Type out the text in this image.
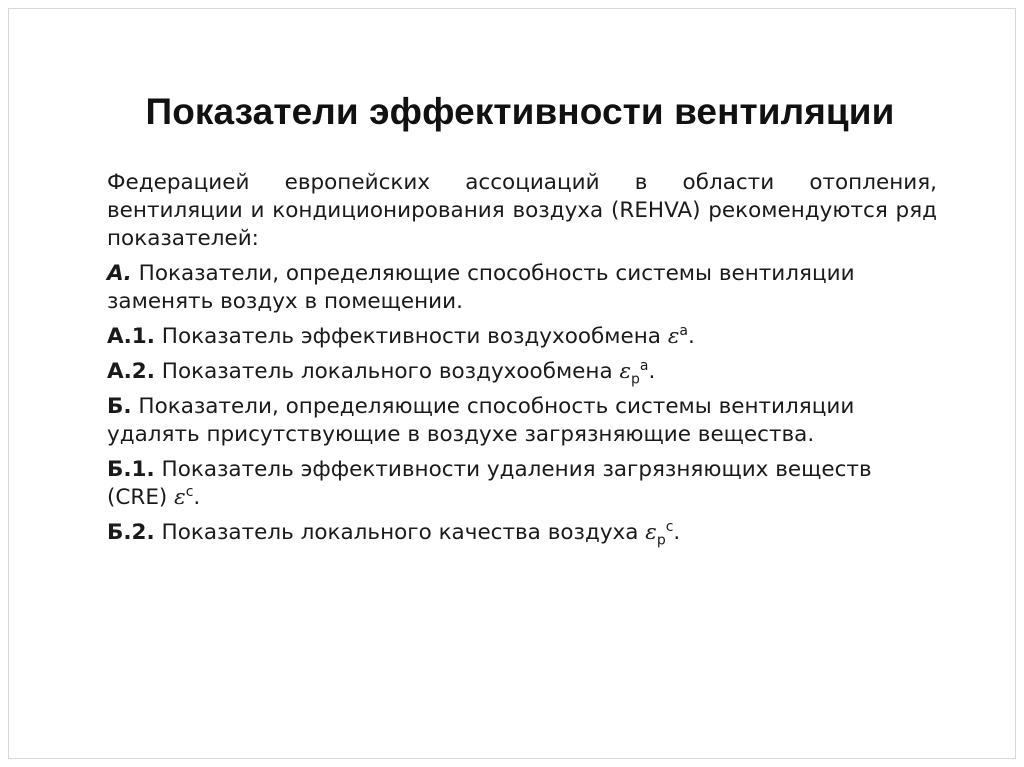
Показатели эффективности вентиляции

Федерацией европейских ассоциаций в области отопления, вентиляции и кондиционирования воздуха (REHVA) рекомендуются ряд показателей:

А. Показатели, определяющие способность системы вентиляции заменять воздух в помещении.

А.1. Показатель эффективности воздухообмена $\varepsilon^a$.

А.2. Показатель локального воздухообмена $\varepsilon_p^a$.

Б. Показатели, определяющие способность системы вентиляции удалять присутствующие в воздухе загрязняющие вещества.

Б.1. Показатель эффективности удаления загрязняющих веществ (CRE) $\varepsilon^c$.

Б.2. Показатель локального качества воздуха $\varepsilon_p^c$.
